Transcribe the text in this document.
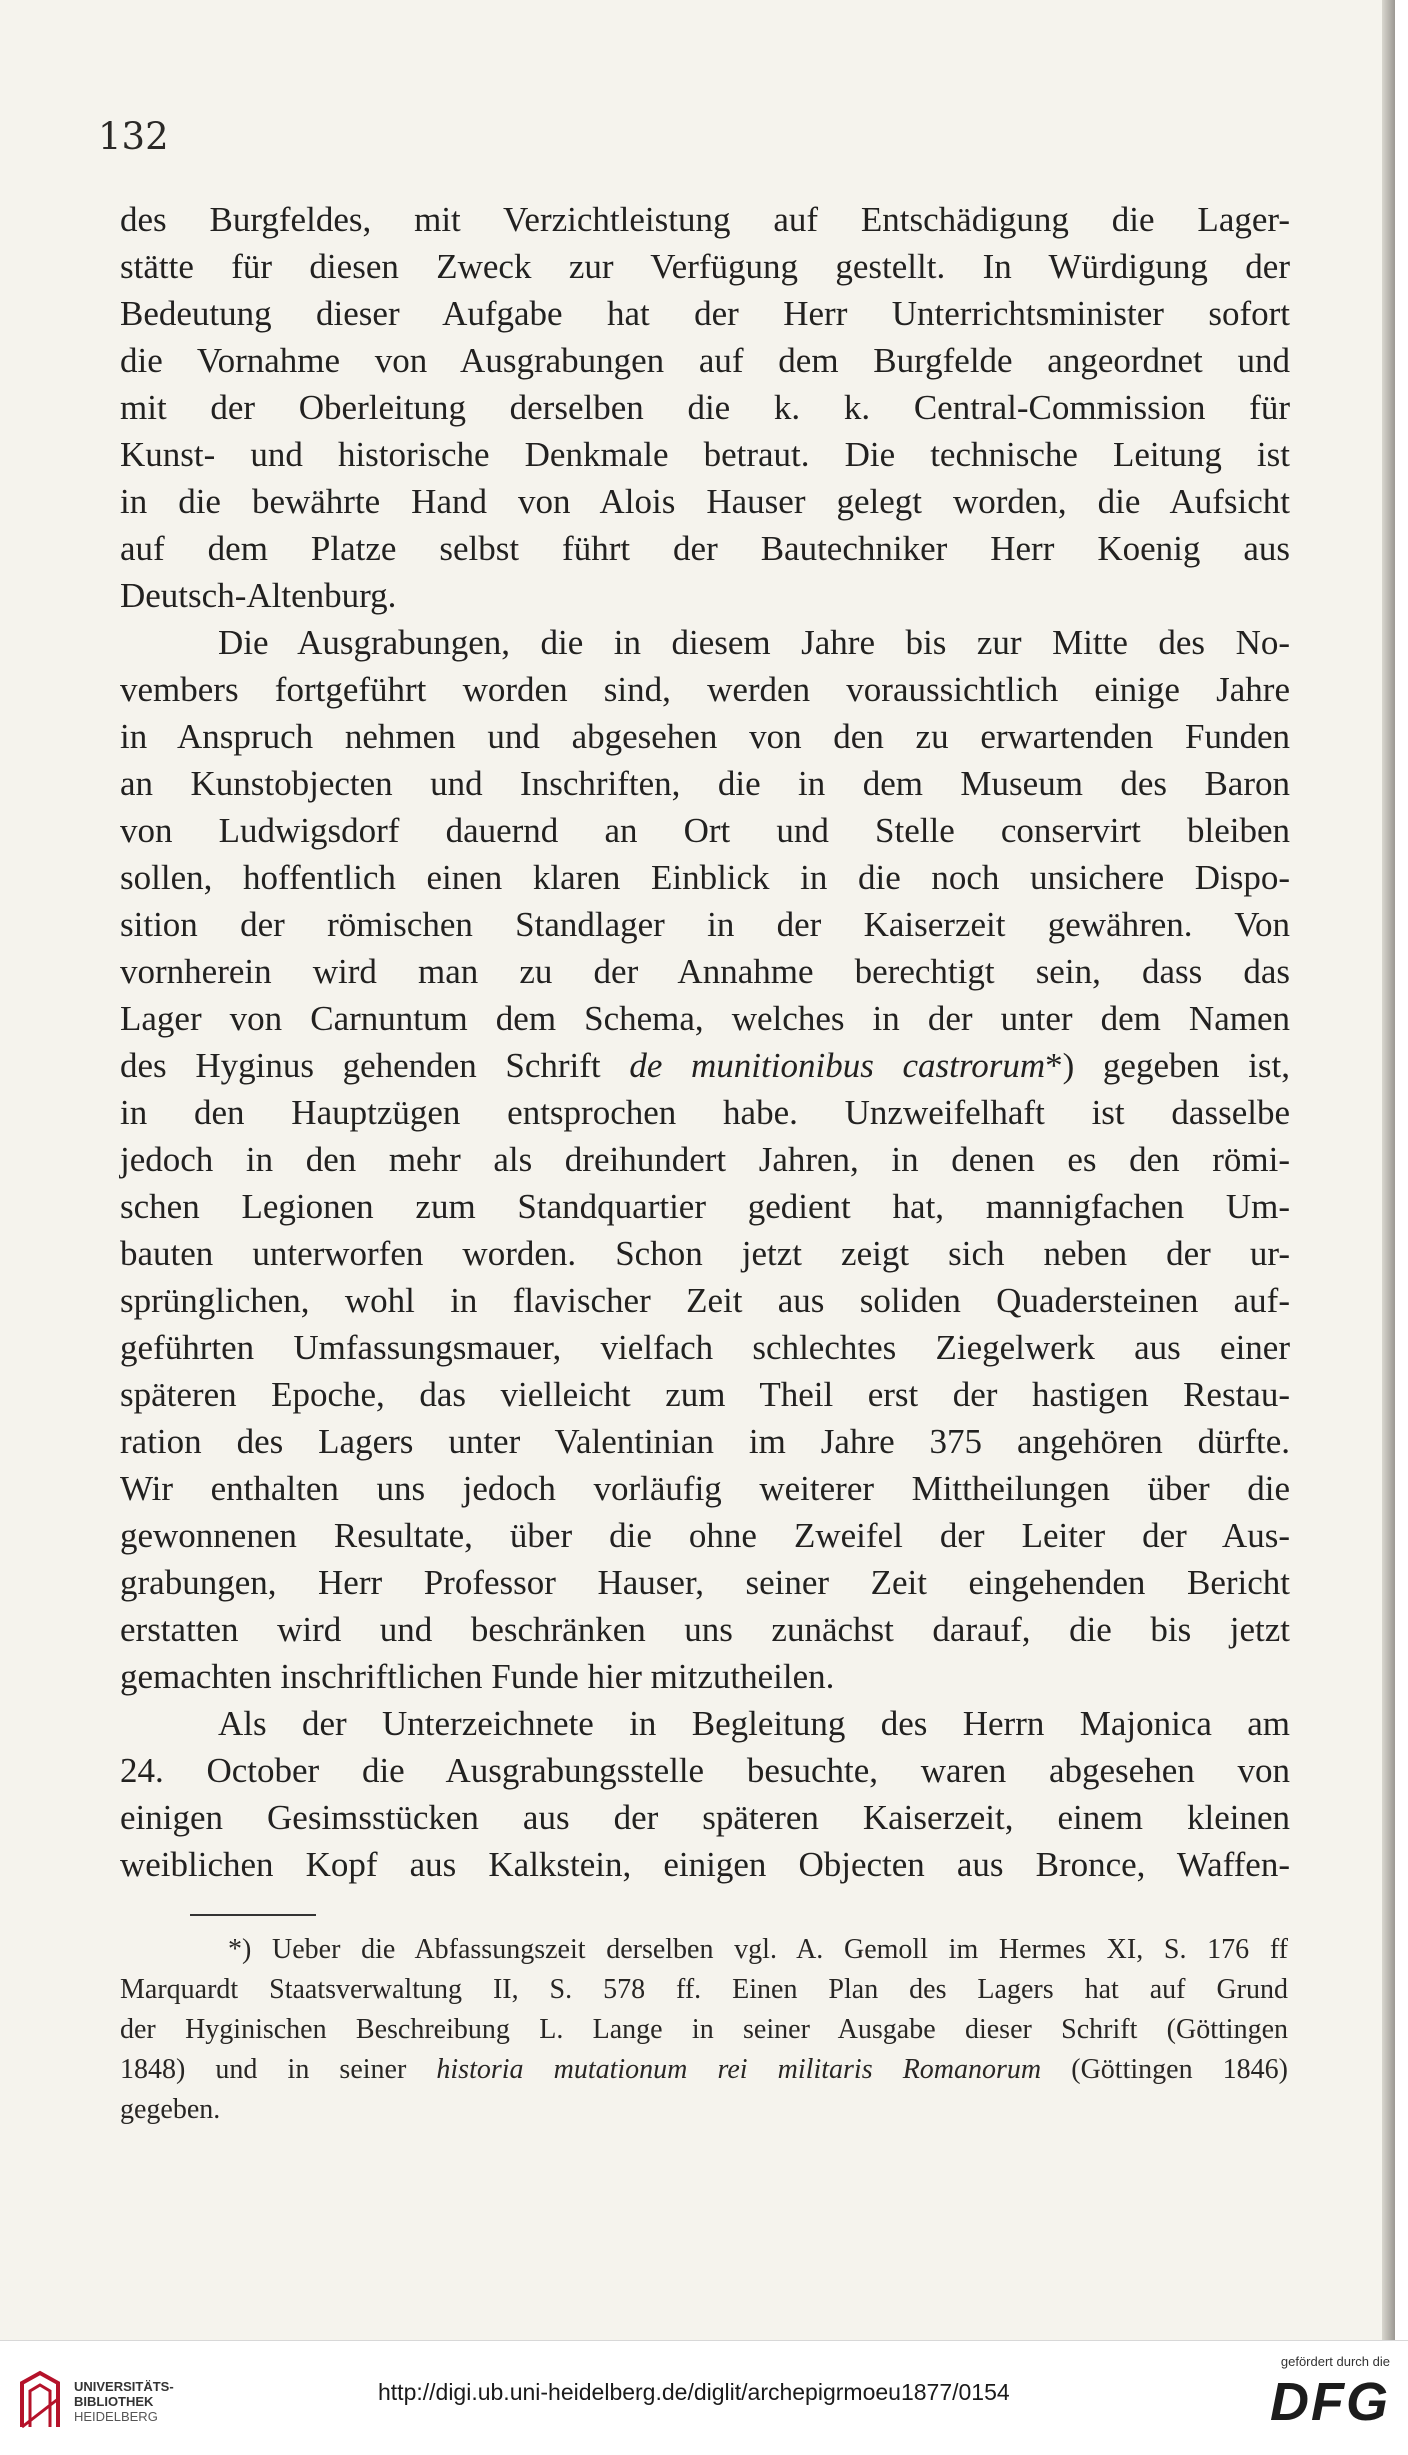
132
des Burgfeldes, mit Verzichtleistung auf Entschädigung die Lager-
stätte für diesen Zweck zur Verfügung gestellt. In Würdigung der
Bedeutung dieser Aufgabe hat der Herr Unterrichtsminister sofort
die Vornahme von Ausgrabungen auf dem Burgfelde angeordnet und
mit der Oberleitung derselben die k. k. Central-Commission für
Kunst- und historische Denkmale betraut. Die technische Leitung ist
in die bewährte Hand von Alois Hauser gelegt worden, die Aufsicht
auf dem Platze selbst führt der Bautechniker Herr Koenig aus
Deutsch-Altenburg.
Die Ausgrabungen, die in diesem Jahre bis zur Mitte des No-
vembers fortgeführt worden sind, werden voraussichtlich einige Jahre
in Anspruch nehmen und abgesehen von den zu erwartenden Funden
an Kunstobjecten und Inschriften, die in dem Museum des Baron
von Ludwigsdorf dauernd an Ort und Stelle conservirt bleiben
sollen, hoffentlich einen klaren Einblick in die noch unsichere Dispo-
sition der römischen Standlager in der Kaiserzeit gewähren. Von
vornherein wird man zu der Annahme berechtigt sein, dass das
Lager von Carnuntum dem Schema, welches in der unter dem Namen
des Hyginus gehenden Schrift de munitionibus castrorum*) gegeben ist,
in den Hauptzügen entsprochen habe. Unzweifelhaft ist dasselbe
jedoch in den mehr als dreihundert Jahren, in denen es den römi-
schen Legionen zum Standquartier gedient hat, mannigfachen Um-
bauten unterworfen worden. Schon jetzt zeigt sich neben der ur-
sprünglichen, wohl in flavischer Zeit aus soliden Quadersteinen auf-
geführten Umfassungsmauer, vielfach schlechtes Ziegelwerk aus einer
späteren Epoche, das vielleicht zum Theil erst der hastigen Restau-
ration des Lagers unter Valentinian im Jahre 375 angehören dürfte.
Wir enthalten uns jedoch vorläufig weiterer Mittheilungen über die
gewonnenen Resultate, über die ohne Zweifel der Leiter der Aus-
grabungen, Herr Professor Hauser, seiner Zeit eingehenden Bericht
erstatten wird und beschränken uns zunächst darauf, die bis jetzt
gemachten inschriftlichen Funde hier mitzutheilen.
Als der Unterzeichnete in Begleitung des Herrn Majonica am
24. October die Ausgrabungsstelle besuchte, waren abgesehen von
einigen Gesimsstücken aus der späteren Kaiserzeit, einem kleinen
weiblichen Kopf aus Kalkstein, einigen Objecten aus Bronce, Waffen-
*) Ueber die Abfassungszeit derselben vgl. A. Gemoll im Hermes XI, S. 176 ff
Marquardt Staatsverwaltung II, S. 578 ff. Einen Plan des Lagers hat auf Grund
der Hyginischen Beschreibung L. Lange in seiner Ausgabe dieser Schrift (Göttingen
1848) und in seiner historia mutationum rei militaris Romanorum (Göttingen 1846)
gegeben.
UNIVERSITÄTS-
BIBLIOTHEK
HEIDELBERG
http://digi.ub.uni-heidelberg.de/diglit/archepigrmoeu1877/0154
gefördert durch die
DFG
